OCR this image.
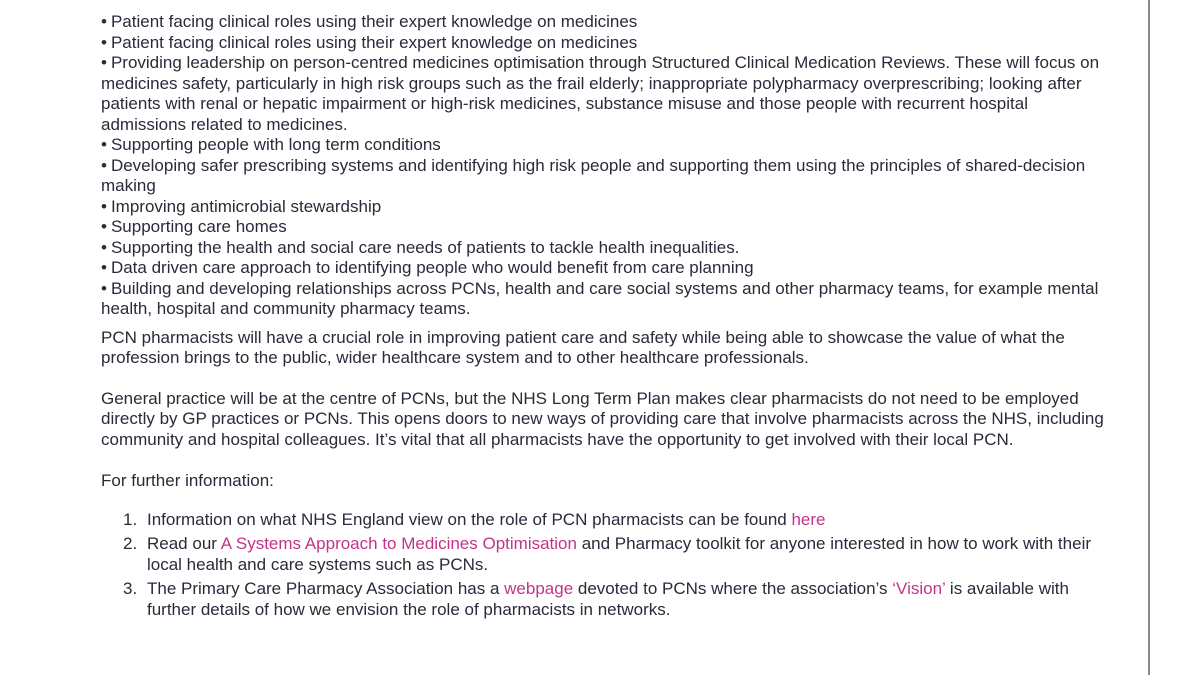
• Patient facing clinical roles using their expert knowledge on medicines
• Patient facing clinical roles using their expert knowledge on medicines
• Providing leadership on person-centred medicines optimisation through Structured Clinical Medication Reviews. These will focus on medicines safety, particularly in high risk groups such as the frail elderly; inappropriate polypharmacy overprescribing; looking after patients with renal or hepatic impairment or high-risk medicines, substance misuse and those people with recurrent hospital admissions related to medicines.
• Supporting people with long term conditions
• Developing safer prescribing systems and identifying high risk people and supporting them using the principles of shared-decision making
• Improving antimicrobial stewardship
• Supporting care homes
• Supporting the health and social care needs of patients to tackle health inequalities.
• Data driven care approach to identifying people who would benefit from care planning
• Building and developing relationships across PCNs, health and care social systems and other pharmacy teams, for example mental health, hospital and community pharmacy teams.

PCN pharmacists will have a crucial role in improving patient care and safety while being able to showcase the value of what the profession brings to the public, wider healthcare system and to other healthcare professionals.

General practice will be at the centre of PCNs, but the NHS Long Term Plan makes clear pharmacists do not need to be employed directly by GP practices or PCNs. This opens doors to new ways of providing care that involve pharmacists across the NHS, including community and hospital colleagues. It’s vital that all pharmacists have the opportunity to get involved with their local PCN.

For further information:

1. Information on what NHS England view on the role of PCN pharmacists can be found here
2. Read our A Systems Approach to Medicines Optimisation and Pharmacy toolkit for anyone interested in how to work with their local health and care systems such as PCNs.
3. The Primary Care Pharmacy Association has a webpage devoted to PCNs where the association’s ‘Vision’ is available with further details of how we envision the role of pharmacists in networks.
